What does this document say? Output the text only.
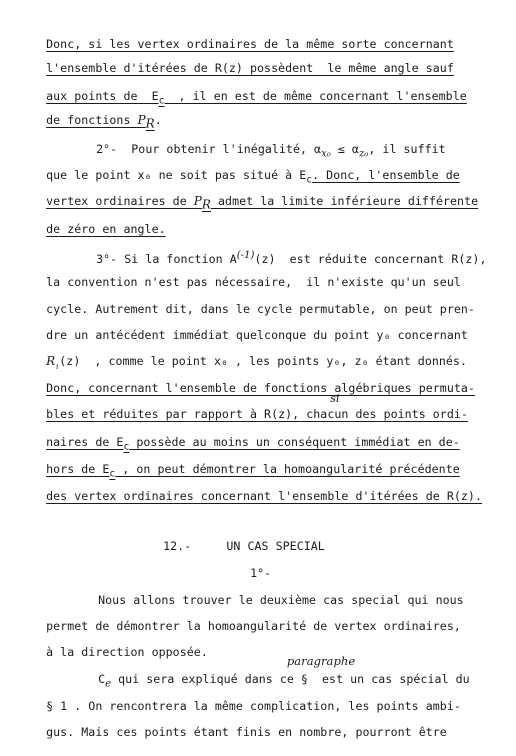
Donc, si les vertex ordinaires de la même sorte concernant

l'ensemble d'itérées de R(z) possèdent  le même angle sauf

aux points de  $E_c$  , il en est de même concernant l'ensemble

de fonctions $P_R$.

2°-  Pour obtenir l'inégalité, $\alpha_{x_0} \le \alpha_{z_0}$, il suffit

que le point x₀ ne soit pas situé à $E_c$. Donc, l'ensemble de

vertex ordinaires de $P_R$ admet la limite inférieure différente

de zéro en angle.

3°- Si la fonction $A^{(-1)}(z)$  est réduite concernant R(z),

la convention n'est pas nécessaire,  il n'existe qu'un seul

cycle. Autrement dit, dans le cycle permutable, on peut pren-

dre un antécédent immédiat quelconque du point y₀ concernant

$R_{_1}(z)$  , comme le point x₀ , les points y₀, z₀ étant donnés.

Donc, concernant l'ensemble de fonctions algébriques permuta-

si

bles et réduites par rapport à R(z), chacun des points ordi-

naires de $E_c$ possède au moins un conséquent immédiat en de-

hors de $E_c$ , on peut démontrer la homoangularité précédente

des vertex ordinaires concernant l'ensemble d'itérées de R(z).

12.-     UN CAS SPECIAL

1°-

Nous allons trouver le deuxième cas special qui nous

permet de démontrer la homoangularité de vertex ordinaires,

à la direction opposée.

paragraphe

$C_e$ qui sera expliqué dans ce §  est un cas spécial du

§ 1 . On rencontrera la même complication, les points ambi-

gus. Mais ces points étant finis en nombre, pourront être
